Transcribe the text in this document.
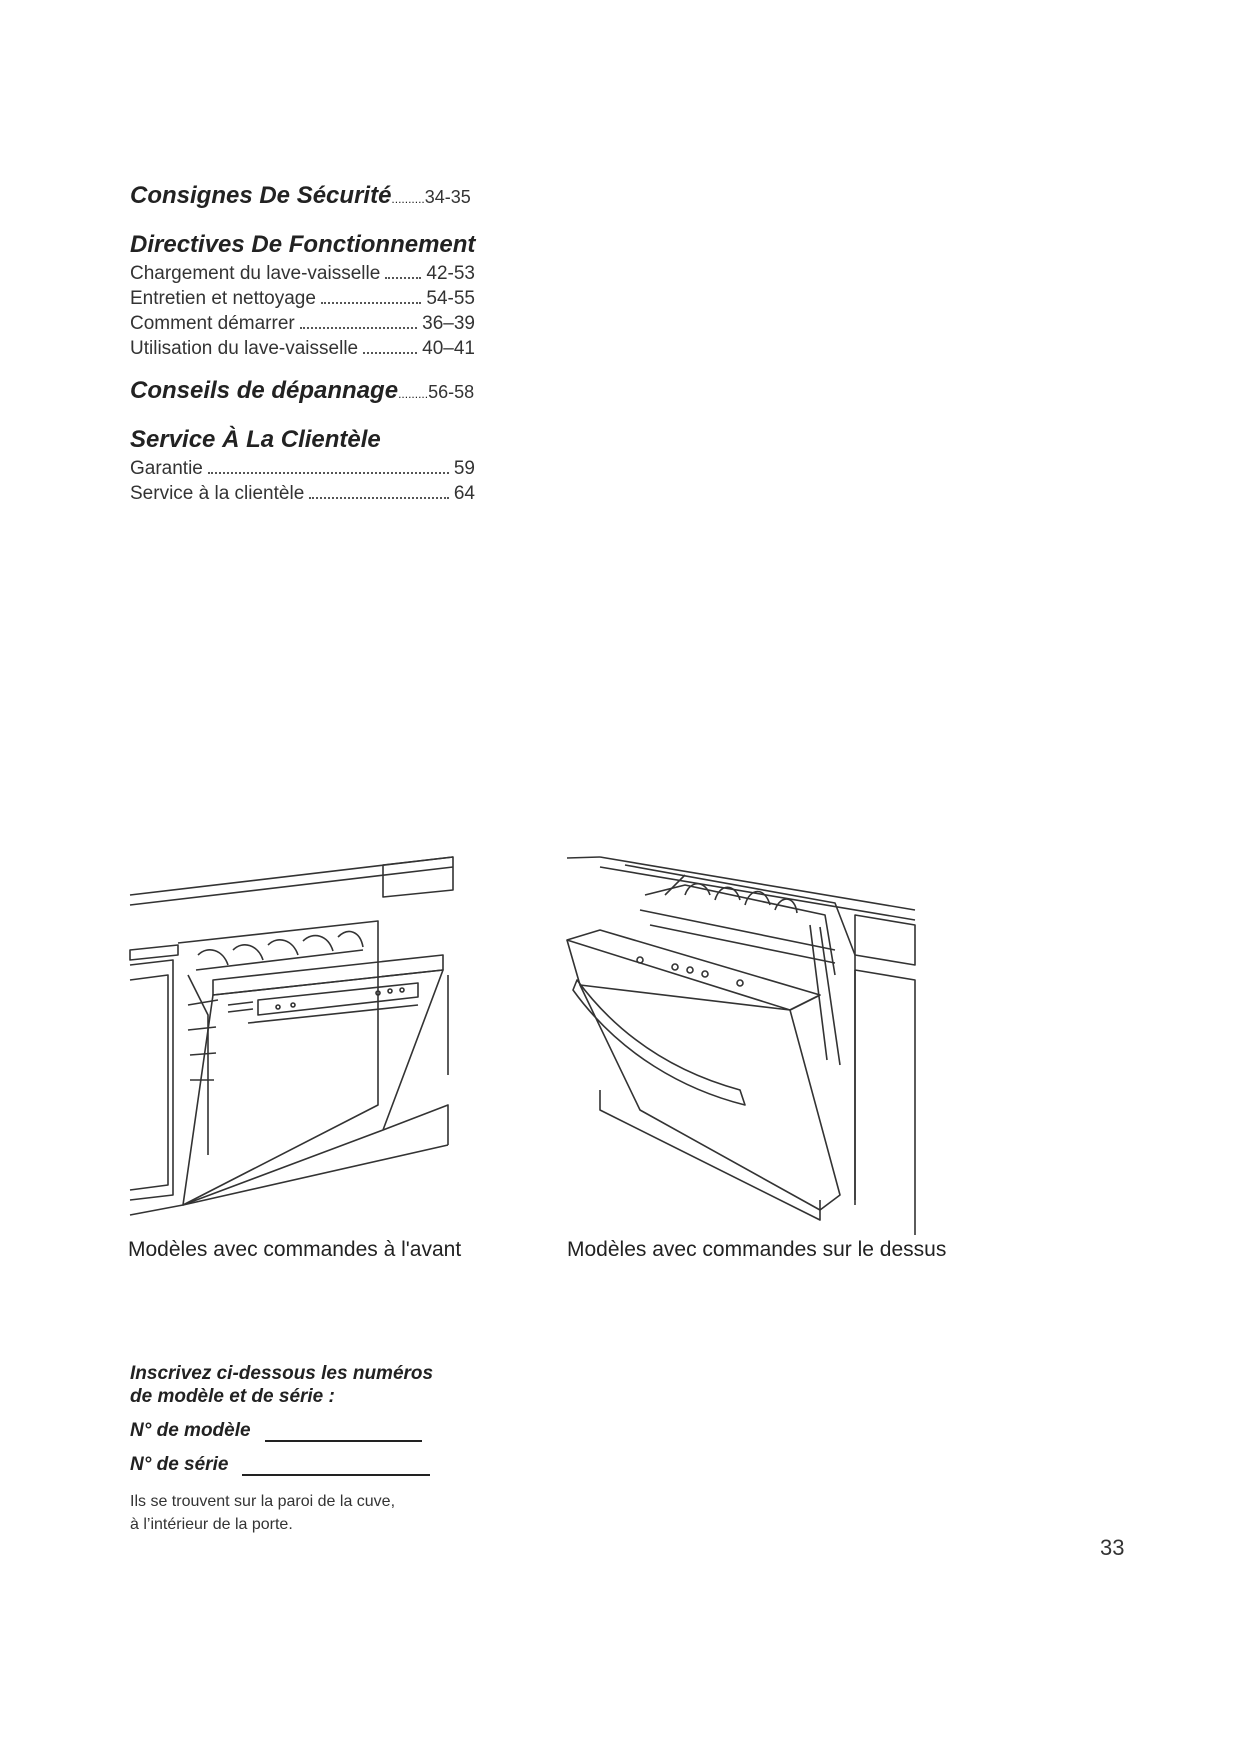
Consignes De Sécurité..........34-35
Directives De Fonctionnement
Chargement du lave-vaisselle 42-53
Entretien et nettoyage	54-55
Comment démarrer	36–39
Utilisation du lave-vaisselle	40–41
Conseils de dépannage.........56-58
Service À La Clientèle
Garantie	59
Service à la clientèle	64
Modèles avec commandes à l'avant	Modèles avec commandes sur le dessus
Inscrivez ci-dessous les numéros
de modèle et de série :
N° de modèle
N° de série
Ils se trouvent sur la paroi de la cuve,
à l’intérieur de la porte.
33
